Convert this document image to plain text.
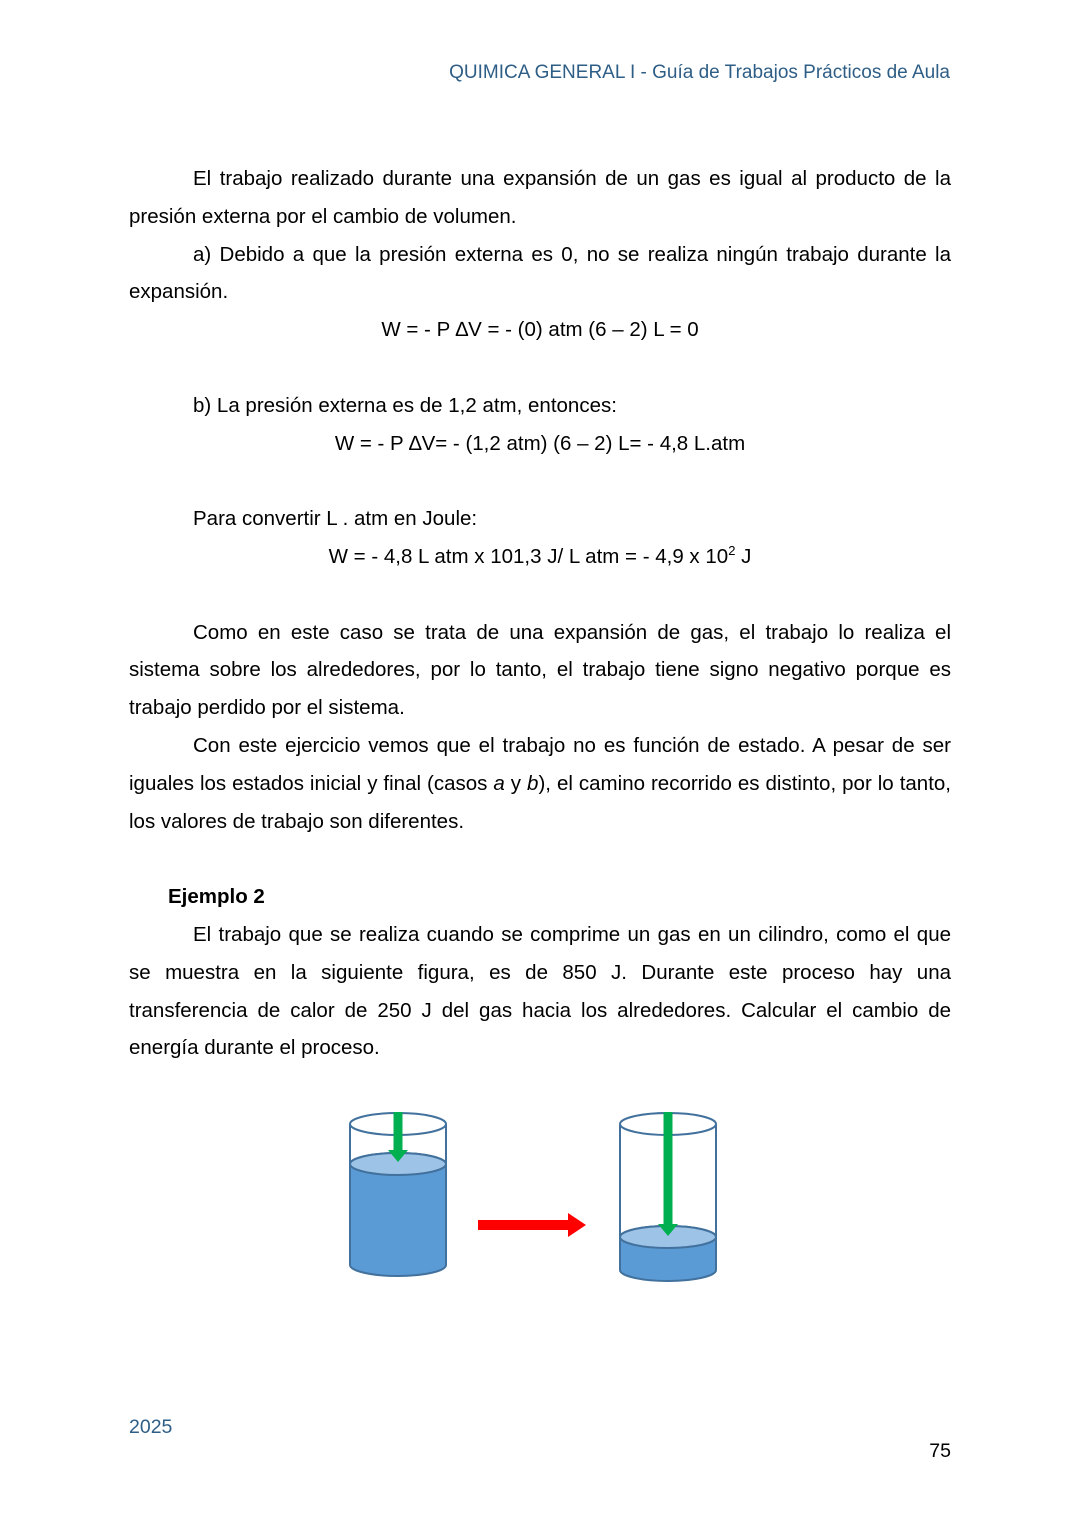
QUIMICA GENERAL I - Guía de Trabajos Prácticos de Aula

El trabajo realizado durante una expansión de un gas es igual al producto de la presión externa por el cambio de volumen.

a) Debido a que la presión externa es 0, no se realiza ningún trabajo durante la expansión.

W = - P ∆V = - (0) atm (6 – 2) L = 0

b) La presión externa es de 1,2 atm, entonces:

W = - P ∆V= - (1,2 atm) (6 – 2) L= - 4,8 L.atm

Para convertir L . atm en Joule:

W = - 4,8 L atm x 101,3 J/ L atm = - 4,9 x $10^2$ J

Como en este caso se trata de una expansión de gas, el trabajo lo realiza el sistema sobre los alrededores, por lo tanto, el trabajo tiene signo negativo porque es trabajo perdido por el sistema.

Con este ejercicio vemos que el trabajo no es función de estado. A pesar de ser iguales los estados inicial y final (casos a y b), el camino recorrido es distinto, por lo tanto, los valores de trabajo son diferentes.

Ejemplo 2

El trabajo que se realiza cuando se comprime un gas en un cilindro, como el que se muestra en la siguiente figura, es de 850 J. Durante este proceso hay una transferencia de calor de 250 J del gas hacia los alrededores. Calcular el cambio de energía durante el proceso.

2025
75
